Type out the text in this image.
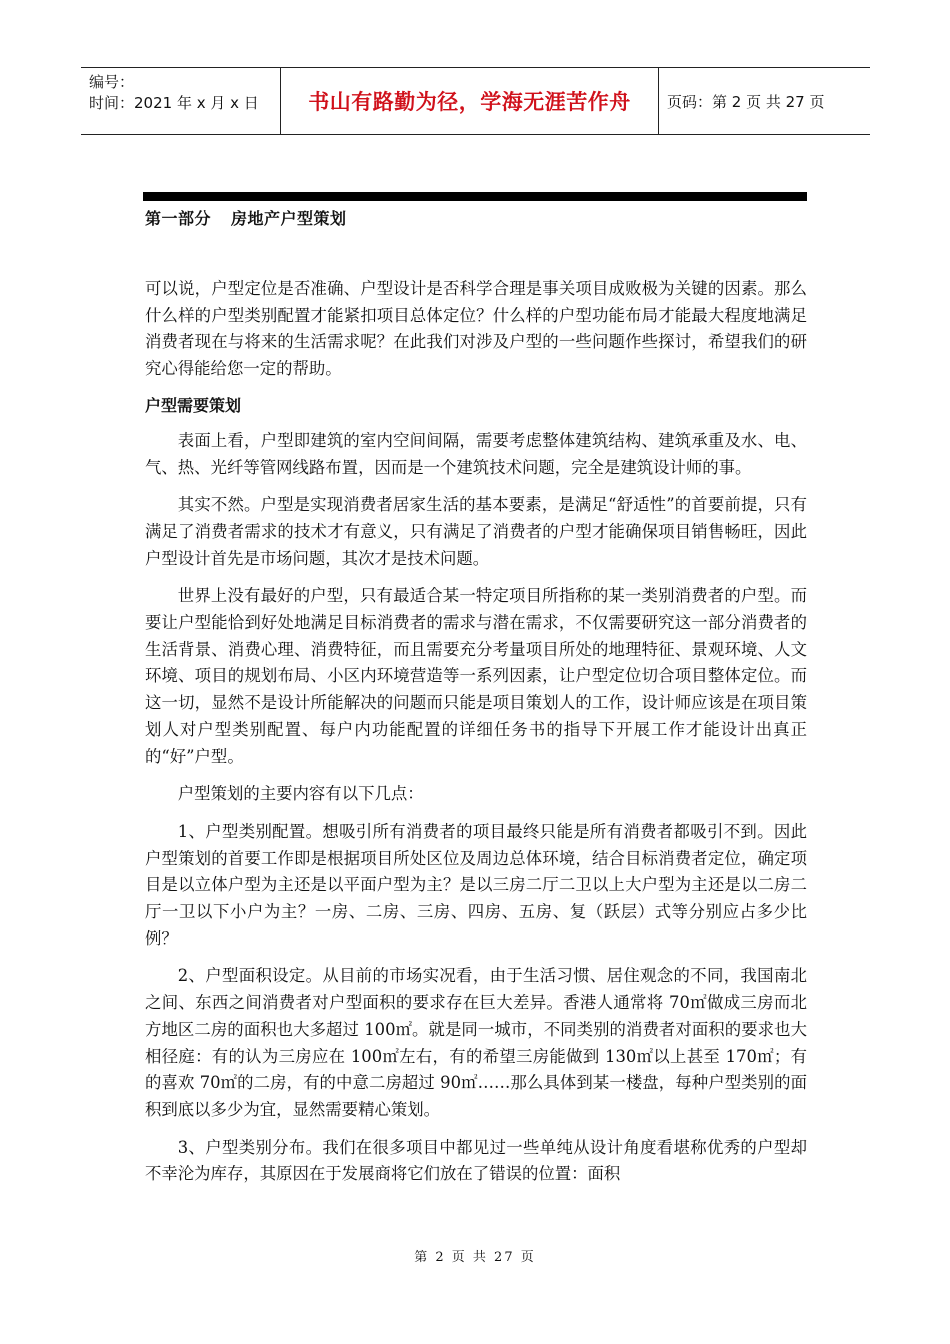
编号：
时间：2021 年 x 月 x 日	书山有路勤为径，学海无涯苦作舟	页码：第 2 页 共 27 页
第一部分 房地产户型策划

可以说，户型定位是否准确、户型设计是否科学合理是事关项目成败极为关键的因素。那么什么样的户型类别配置才能紧扣项目总体定位？什么样的户型功能布局才能最大程度地满足消费者现在与将来的生活需求呢？在此我们对涉及户型的一些问题作些探讨，希望我们的研究心得能给您一定的帮助。

户型需要策划

表面上看，户型即建筑的室内空间间隔，需要考虑整体建筑结构、建筑承重及水、电、气、热、光纤等管网线路布置，因而是一个建筑技术问题，完全是建筑设计师的事。

其实不然。户型是实现消费者居家生活的基本要素，是满足“舒适性”的首要前提，只有满足了消费者需求的技术才有意义，只有满足了消费者的户型才能确保项目销售畅旺，因此户型设计首先是市场问题，其次才是技术问题。

世界上没有最好的户型，只有最适合某一特定项目所指称的某一类别消费者的户型。而要让户型能恰到好处地满足目标消费者的需求与潜在需求，不仅需要研究这一部分消费者的生活背景、消费心理、消费特征，而且需要充分考量项目所处的地理特征、景观环境、人文环境、项目的规划布局、小区内环境营造等一系列因素，让户型定位切合项目整体定位。而这一切，显然不是设计所能解决的问题而只能是项目策划人的工作，设计师应该是在项目策划人对户型类别配置、每户内功能配置的详细任务书的指导下开展工作才能设计出真正的“好”户型。

户型策划的主要内容有以下几点：

1、户型类别配置。想吸引所有消费者的项目最终只能是所有消费者都吸引不到。因此户型策划的首要工作即是根据项目所处区位及周边总体环境，结合目标消费者定位，确定项目是以立体户型为主还是以平面户型为主？是以三房二厅二卫以上大户型为主还是以二房二厅一卫以下小户为主？一房、二房、三房、四房、五房、复（跃层）式等分别应占多少比例？

2、户型面积设定。从目前的市场实况看，由于生活习惯、居住观念的不同，我国南北之间、东西之间消费者对户型面积的要求存在巨大差异。香港人通常将 70㎡做成三房而北方地区二房的面积也大多超过 100㎡。就是同一城市，不同类别的消费者对面积的要求也大相径庭：有的认为三房应在 100㎡左右，有的希望三房能做到 130㎡以上甚至 170㎡；有的喜欢 70㎡的二房，有的中意二房超过 90㎡……那么具体到某一楼盘，每种户型类别的面积到底以多少为宜，显然需要精心策划。

3、户型类别分布。我们在很多项目中都见过一些单纯从设计角度看堪称优秀的户型却不幸沦为库存，其原因在于发展商将它们放在了错误的位置：面积

第 2 页 共 27 页
